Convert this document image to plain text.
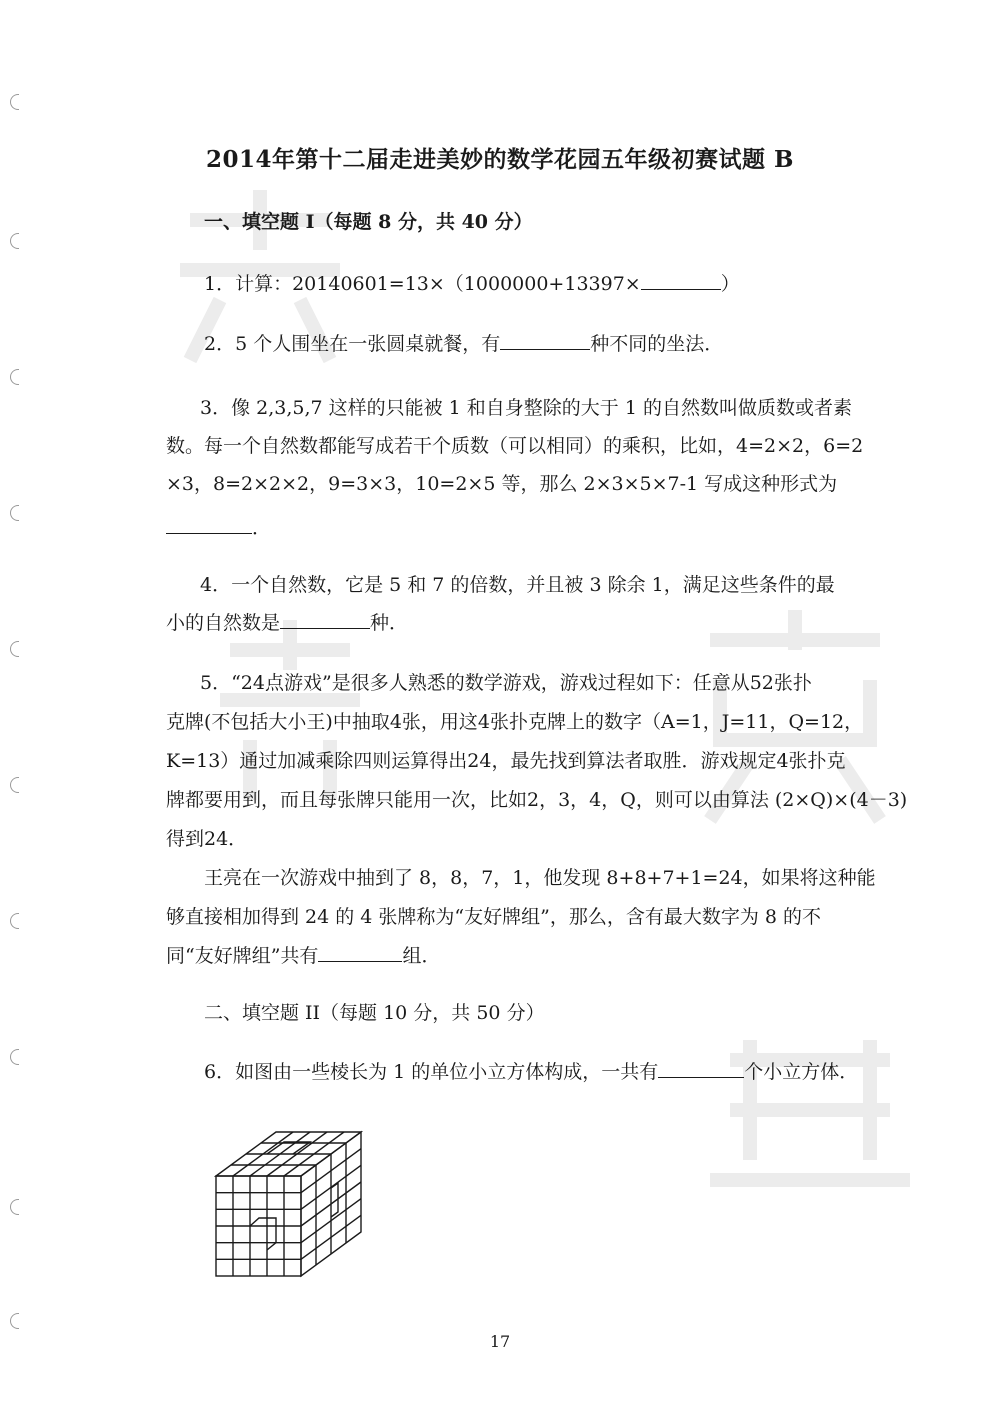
2014年第十二届走进美妙的数学花园五年级初赛试题 B
一、填空题 I（每题 8 分，共 40 分）
1．计算：20140601=13×（1000000+13397×	）
2．5 个人围坐在一张圆桌就餐，有	种不同的坐法．
3．像 2,3,5,7 这样的只能被 1 和自身整除的大于 1 的自然数叫做质数或者素
数。每一个自然数都能写成若干个质数（可以相同）的乘积，比如，4=2×2，6=2
×3，8=2×2×2，9=3×3，10=2×5 等，那么 2×3×5×7-1 写成这种形式为
．
4．一个自然数，它是 5 和 7 的倍数，并且被 3 除余 1，满足这些条件的最
小的自然数是	种．
5．“24点游戏”是很多人熟悉的数学游戏，游戏过程如下：任意从52张扑
克牌(不包括大小王)中抽取4张，用这4张扑克牌上的数字（A=1，J=11，Q=12，
K=13）通过加减乘除四则运算得出24，最先找到算法者取胜．游戏规定4张扑克
牌都要用到，而且每张牌只能用一次，比如2，3，4，Q，则可以由算法 (2×Q)×(4－3)
得到24．
王亮在一次游戏中抽到了 8，8，7，1，他发现 8+8+7+1=24，如果将这种能
够直接相加得到 24 的 4 张牌称为“友好牌组”，那么，含有最大数字为 8 的不
同“友好牌组”共有	组．
二、填空题 II（每题 10 分，共 50 分）
6．如图由一些棱长为 1 的单位小立方体构成，一共有	个小立方体．
17
